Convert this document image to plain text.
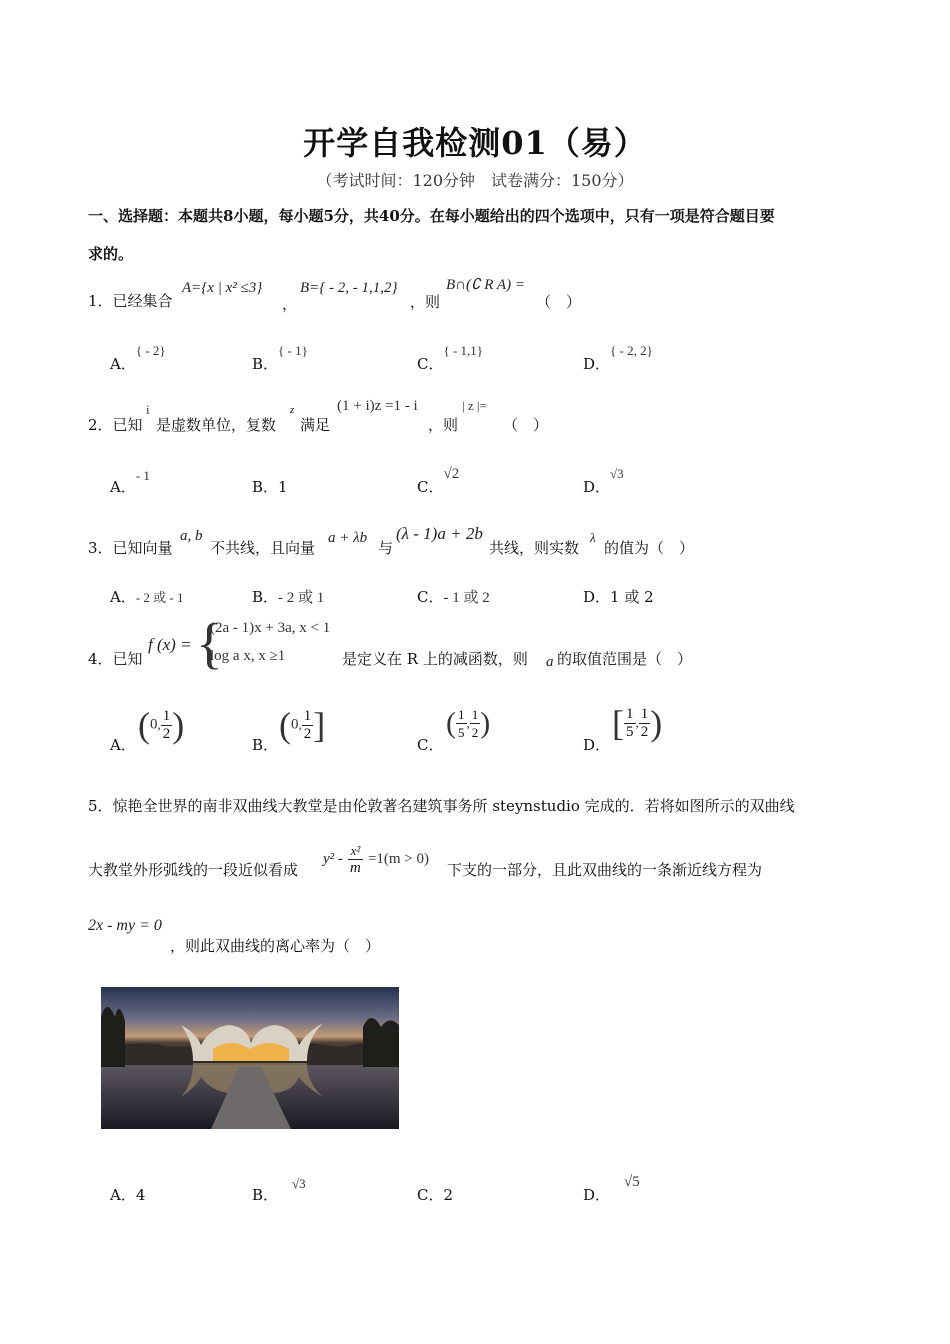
开学自我检测01（易）
（考试时间：120分钟　试卷满分：150分）
一、选择题：本题共8小题，每小题5分，共40分。在每小题给出的四个选项中，只有一项是符合题目要
求的。
1．已经集合
A={x | x² ≤3}
，
B={ - 2, - 1,1,2}
，则
B∩(∁ R A) =
（　）
A．{ - 2}
B．{ - 1}
C．{ - 1,1}
D．{ - 2, 2}
2．已知
i
是虚数单位，复数
z
满足
(1 + i)z =1 - i
，则
| z |=
（　）
A．- 1
B．1	C．√2
D．√3
3．已知向量
a, b
不共线，且向量
a + λb
与
(λ - 1)a + 2b
共线，则实数
λ
的值为（　）
A．- 2 或 - 1	B．- 2 或 1	C．- 1 或 2	D．1 或 2
4．已知
f (x) = {
(2a - 1)x + 3a, x < 1
log a x, x ≥1	是定义在 R 上的减函数，则 a 的取值范围是（　）
A． (0, $\frac{1}{2}$ )	B． (0, $\frac{1}{2}$ ]	C．
( $\frac{1}{5}$ , $\frac{1}{2}$ )
D．
[ $\frac{1}{5}$ , $\frac{1}{2}$ )
5．惊艳全世界的南非双曲线大教堂是由伦敦著名建筑事务所 steynstudio 完成的．若将如图所示的双曲线
大教堂外形弧线的一段近似看成
$y^2 - \frac{\text{x²}}{m} =1(m > 0)$
下支的一部分，且此双曲线的一条渐近线方程为
2x - my = 0
，则此双曲线的离心率为（　）
A．4	B．√3
C．2	D．√5
